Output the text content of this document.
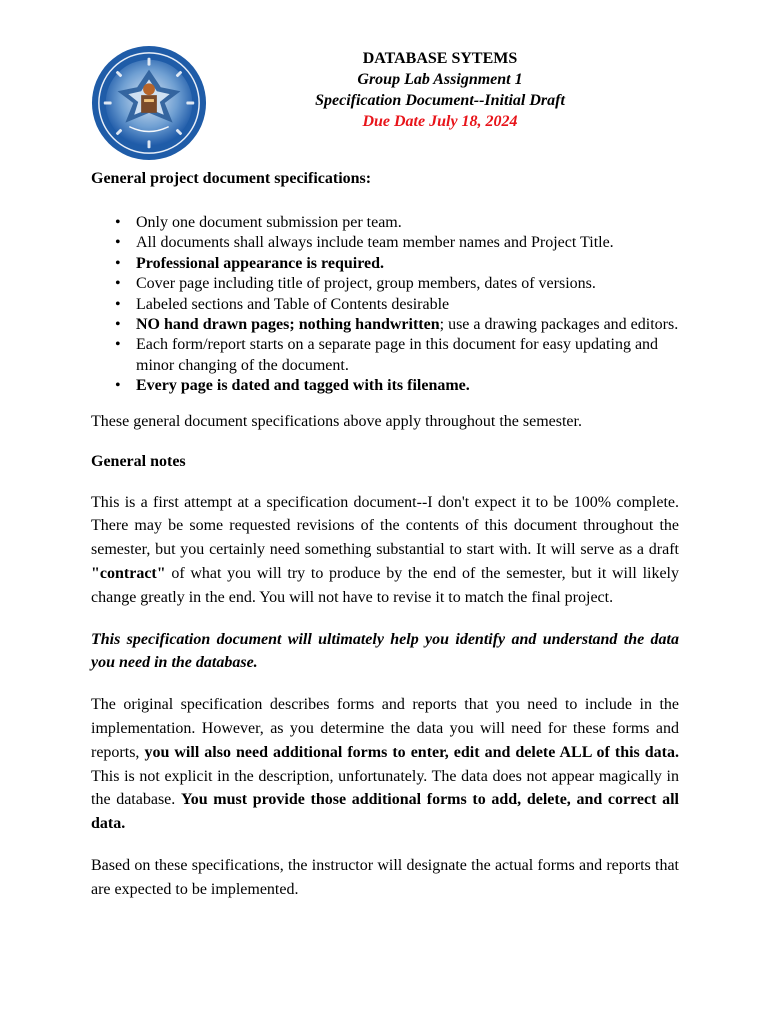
DATABASE SYTEMS
Group Lab Assignment 1
Specification Document--Initial Draft
Due Date July 18, 2024

General project document specifications:

• Only one document submission per team.
• All documents shall always include team member names and Project Title.
• Professional appearance is required.
• Cover page including title of project, group members, dates of versions.
• Labeled sections and Table of Contents desirable
• NO hand drawn pages; nothing handwritten; use a drawing packages and editors.
• Each form/report starts on a separate page in this document for easy updating and minor changing of the document.
• Every page is dated and tagged with its filename.

These general document specifications above apply throughout the semester.

General notes

This is a first attempt at a specification document--I don't expect it to be 100% complete. There may be some requested revisions of the contents of this document throughout the semester, but you certainly need something substantial to start with. It will serve as a draft "contract" of what you will try to produce by the end of the semester, but it will likely change greatly in the end. You will not have to revise it to match the final project.

This specification document will ultimately help you identify and understand the data you need in the database.

The original specification describes forms and reports that you need to include in the implementation. However, as you determine the data you will need for these forms and reports, you will also need additional forms to enter, edit and delete ALL of this data. This is not explicit in the description, unfortunately. The data does not appear magically in the database. You must provide those additional forms to add, delete, and correct all data.

Based on these specifications, the instructor will designate the actual forms and reports that are expected to be implemented.
